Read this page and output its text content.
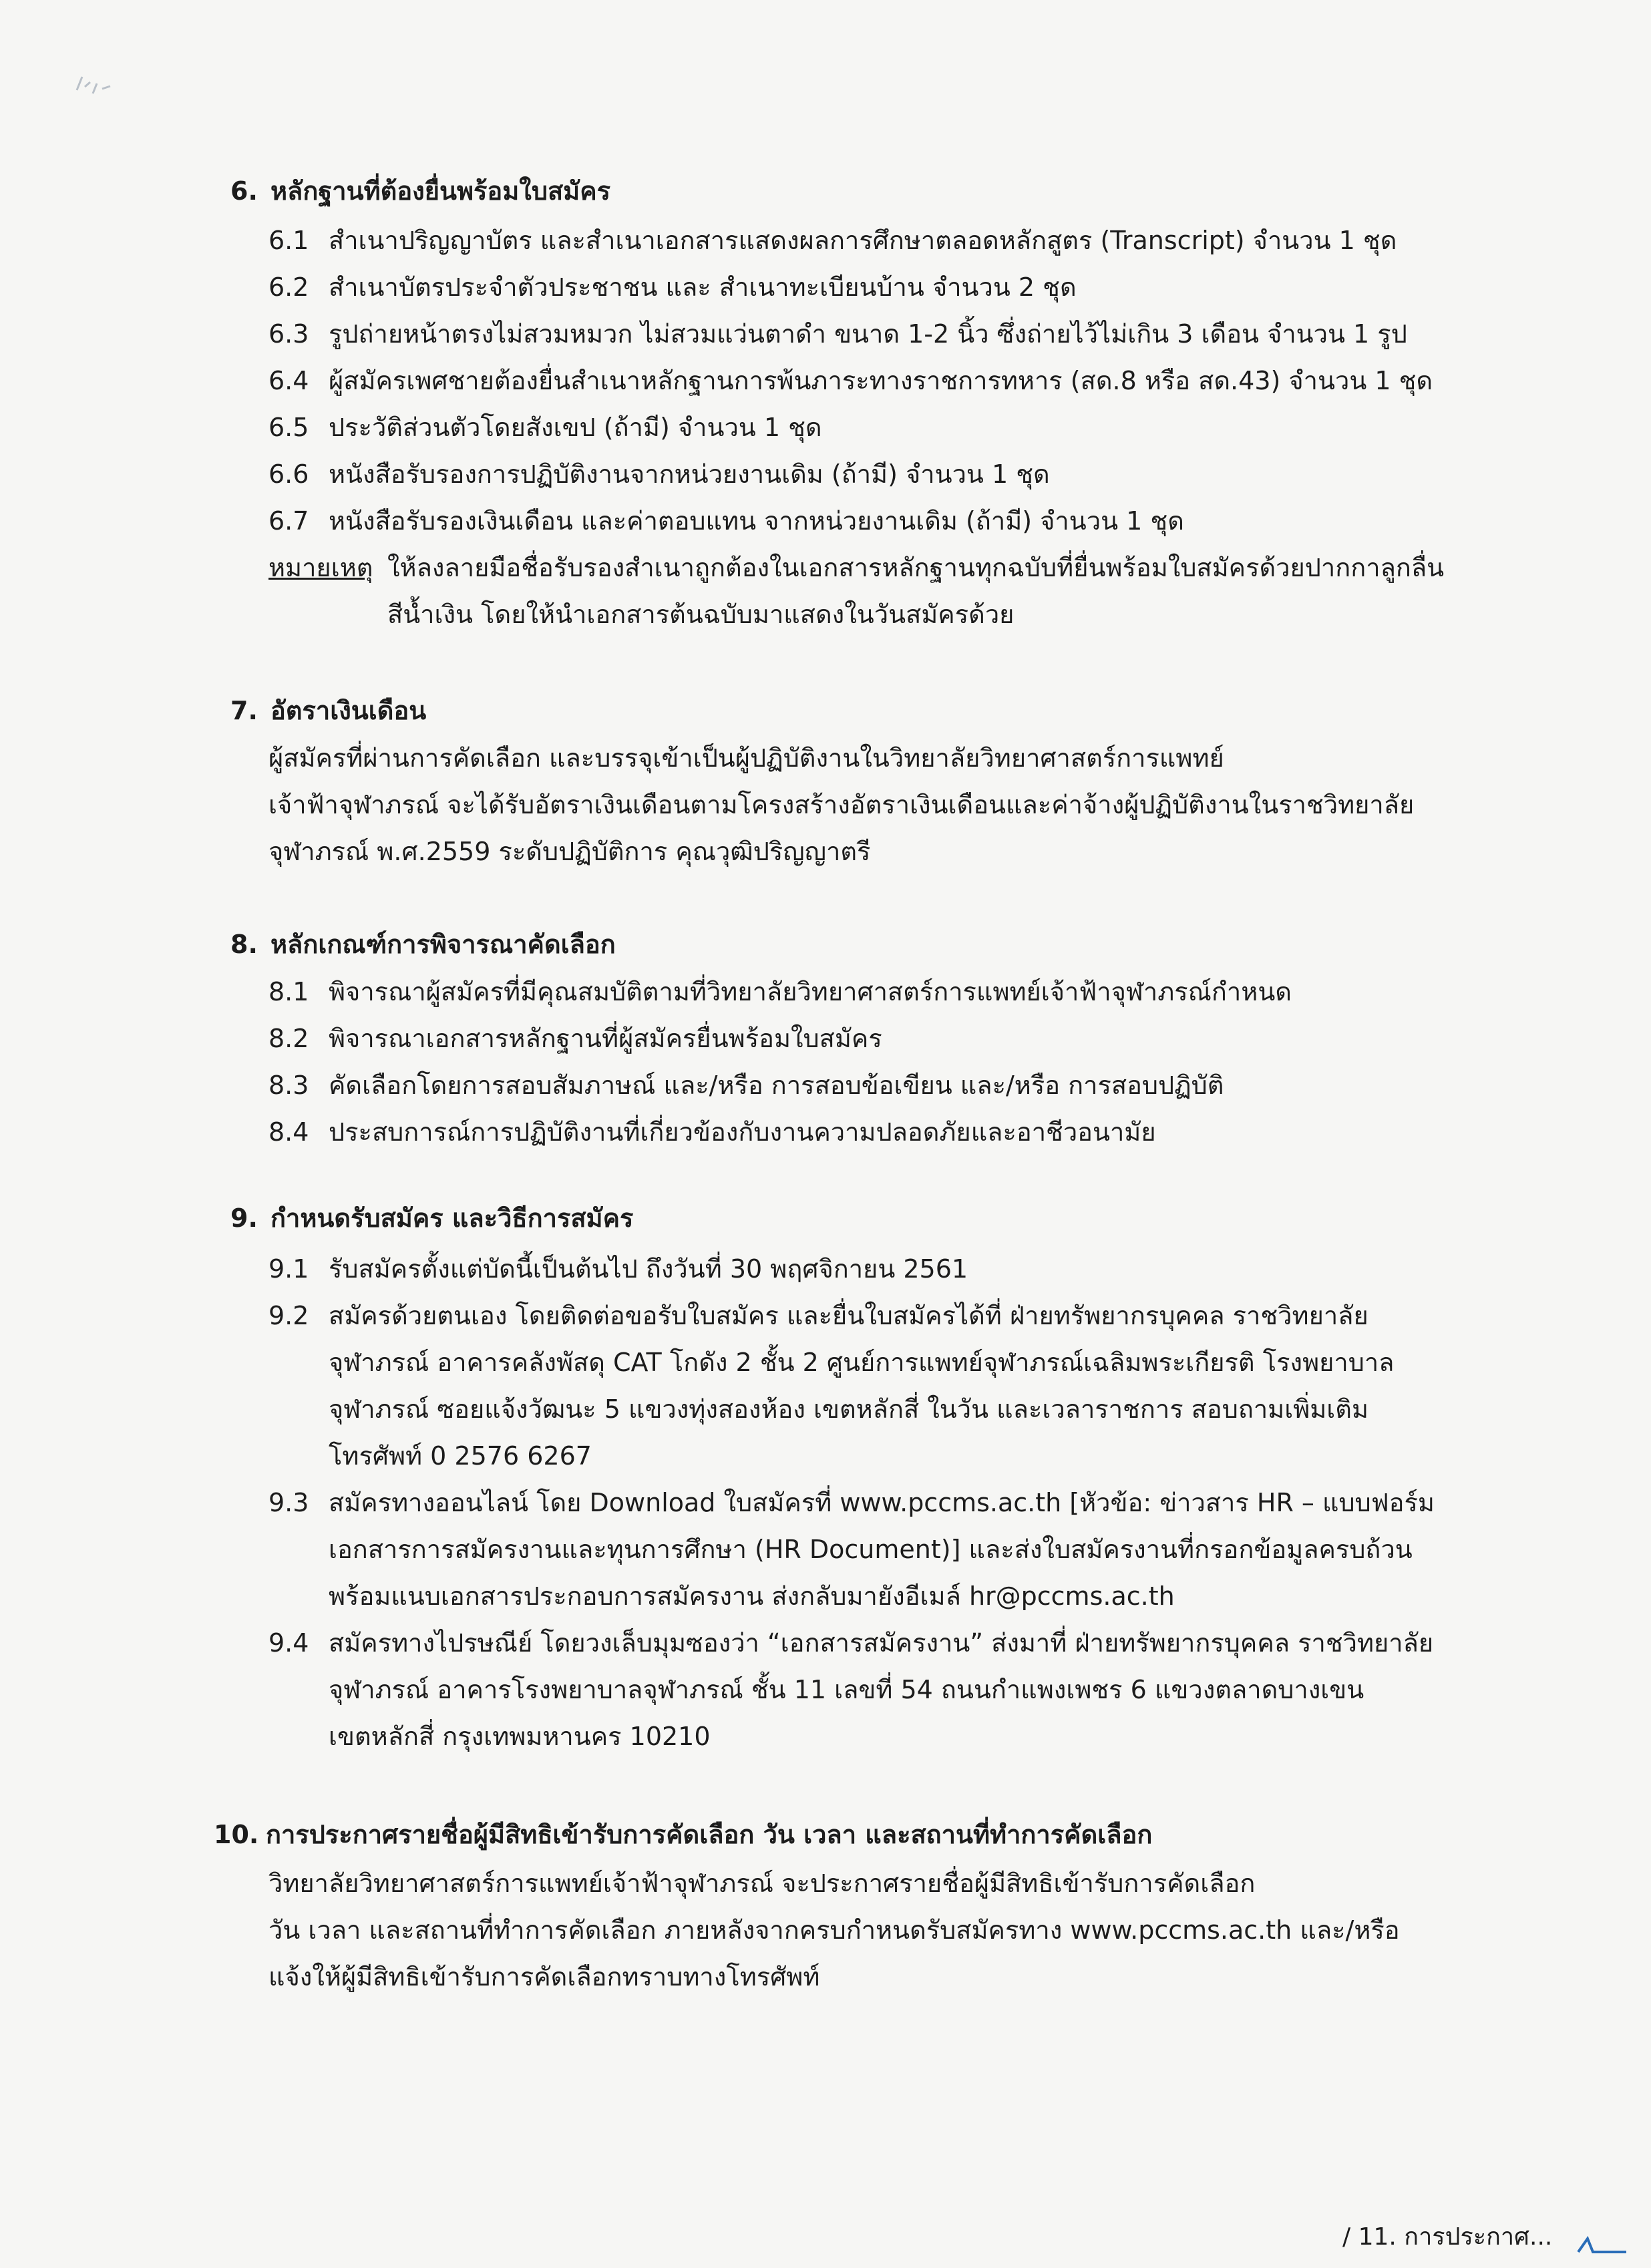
6. หลักฐานที่ต้องยื่นพร้อมใบสมัคร
6.1 สำเนาปริญญาบัตร และสำเนาเอกสารแสดงผลการศึกษาตลอดหลักสูตร (Transcript) จำนวน 1 ชุด
6.2 สำเนาบัตรประจำตัวประชาชน และ สำเนาทะเบียนบ้าน จำนวน 2 ชุด
6.3 รูปถ่ายหน้าตรงไม่สวมหมวก ไม่สวมแว่นตาดำ ขนาด 1-2 นิ้ว ซึ่งถ่ายไว้ไม่เกิน 3 เดือน จำนวน 1 รูป
6.4 ผู้สมัครเพศชายต้องยื่นสำเนาหลักฐานการพ้นภาระทางราชการทหาร (สด.8 หรือ สด.43) จำนวน 1 ชุด
6.5 ประวัติส่วนตัวโดยสังเขป (ถ้ามี) จำนวน 1 ชุด
6.6 หนังสือรับรองการปฏิบัติงานจากหน่วยงานเดิม (ถ้ามี) จำนวน 1 ชุด
6.7 หนังสือรับรองเงินเดือน และค่าตอบแทน จากหน่วยงานเดิม (ถ้ามี) จำนวน 1 ชุด
หมายเหตุ ให้ลงลายมือชื่อรับรองสำเนาถูกต้องในเอกสารหลักฐานทุกฉบับที่ยื่นพร้อมใบสมัครด้วยปากกาลูกลื่น
สีน้ำเงิน โดยให้นำเอกสารต้นฉบับมาแสดงในวันสมัครด้วย
7. อัตราเงินเดือน
ผู้สมัครที่ผ่านการคัดเลือก และบรรจุเข้าเป็นผู้ปฏิบัติงานในวิทยาลัยวิทยาศาสตร์การแพทย์
เจ้าฟ้าจุฬาภรณ์ จะได้รับอัตราเงินเดือนตามโครงสร้างอัตราเงินเดือนและค่าจ้างผู้ปฏิบัติงานในราชวิทยาลัย
จุฬาภรณ์ พ.ศ.2559 ระดับปฏิบัติการ คุณวุฒิปริญญาตรี
8. หลักเกณฑ์การพิจารณาคัดเลือก
8.1 พิจารณาผู้สมัครที่มีคุณสมบัติตามที่วิทยาลัยวิทยาศาสตร์การแพทย์เจ้าฟ้าจุฬาภรณ์กำหนด
8.2 พิจารณาเอกสารหลักฐานที่ผู้สมัครยื่นพร้อมใบสมัคร
8.3 คัดเลือกโดยการสอบสัมภาษณ์ และ/หรือ การสอบข้อเขียน และ/หรือ การสอบปฏิบัติ
8.4 ประสบการณ์การปฏิบัติงานที่เกี่ยวข้องกับงานความปลอดภัยและอาชีวอนามัย
9. กำหนดรับสมัคร และวิธีการสมัคร
9.1 รับสมัครตั้งแต่บัดนี้เป็นต้นไป ถึงวันที่ 30 พฤศจิกายน 2561
9.2 สมัครด้วยตนเอง โดยติดต่อขอรับใบสมัคร และยื่นใบสมัครได้ที่ ฝ่ายทรัพยากรบุคคล ราชวิทยาลัย
จุฬาภรณ์ อาคารคลังพัสดุ CAT โกดัง 2 ชั้น 2 ศูนย์การแพทย์จุฬาภรณ์เฉลิมพระเกียรติ โรงพยาบาล
จุฬาภรณ์ ซอยแจ้งวัฒนะ 5 แขวงทุ่งสองห้อง เขตหลักสี่ ในวัน และเวลาราชการ สอบถามเพิ่มเติม
โทรศัพท์ 0 2576 6267
9.3 สมัครทางออนไลน์ โดย Download ใบสมัครที่ www.pccms.ac.th [หัวข้อ: ข่าวสาร HR – แบบฟอร์ม
เอกสารการสมัครงานและทุนการศึกษา (HR Document)] และส่งใบสมัครงานที่กรอกข้อมูลครบถ้วน
พร้อมแนบเอกสารประกอบการสมัครงาน ส่งกลับมายังอีเมล์ hr@pccms.ac.th
9.4 สมัครทางไปรษณีย์ โดยวงเล็บมุมซองว่า “เอกสารสมัครงาน” ส่งมาที่ ฝ่ายทรัพยากรบุคคล ราชวิทยาลัย
จุฬาภรณ์ อาคารโรงพยาบาลจุฬาภรณ์ ชั้น 11 เลขที่ 54 ถนนกำแพงเพชร 6 แขวงตลาดบางเขน
เขตหลักสี่ กรุงเทพมหานคร 10210
10. การประกาศรายชื่อผู้มีสิทธิเข้ารับการคัดเลือก วัน เวลา และสถานที่ทำการคัดเลือก
วิทยาลัยวิทยาศาสตร์การแพทย์เจ้าฟ้าจุฬาภรณ์ จะประกาศรายชื่อผู้มีสิทธิเข้ารับการคัดเลือก
วัน เวลา และสถานที่ทำการคัดเลือก ภายหลังจากครบกำหนดรับสมัครทาง www.pccms.ac.th และ/หรือ
แจ้งให้ผู้มีสิทธิเข้ารับการคัดเลือกทราบทางโทรศัพท์
/ 11. การประกาศ...
